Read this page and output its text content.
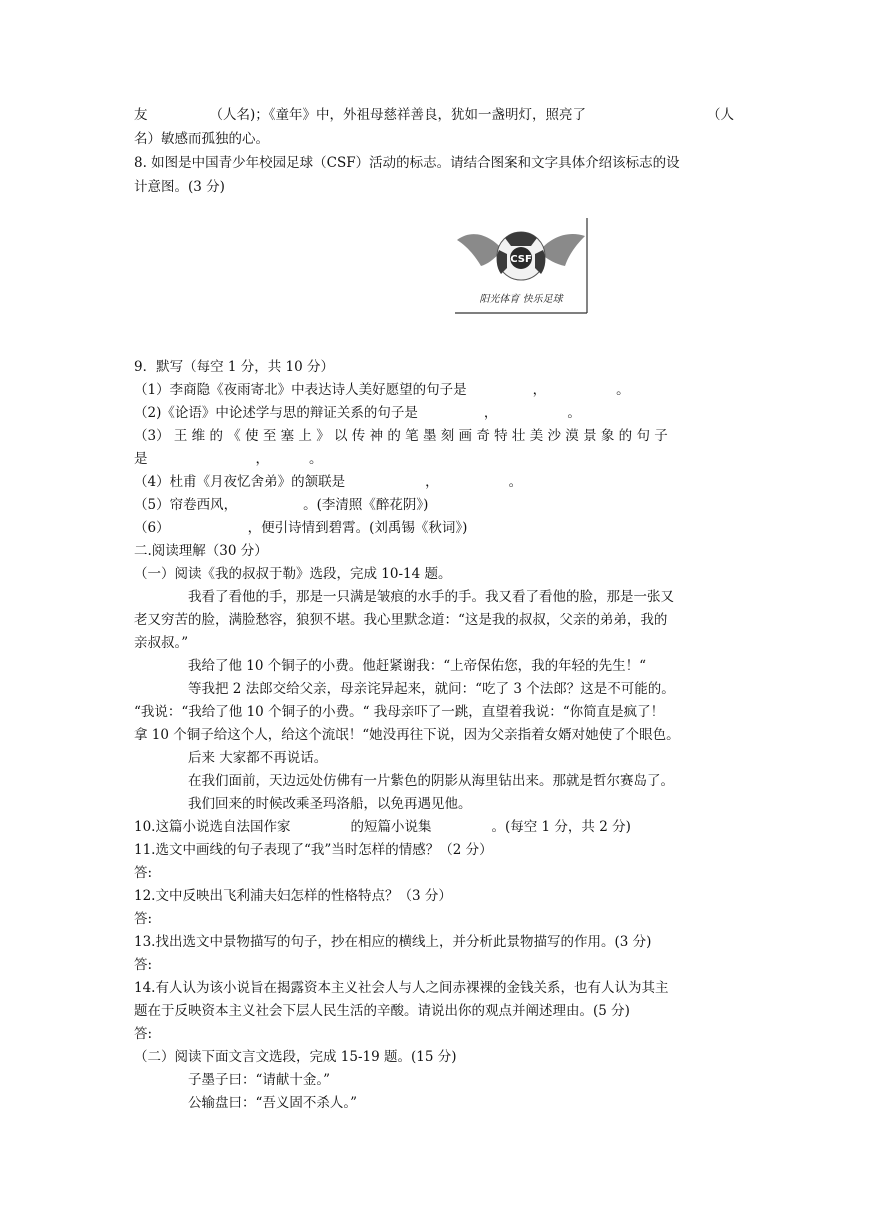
友	（人名)；《童年》中，外祖母慈祥善良，犹如一盏明灯，照亮了	（人
名）敏感而孤独的心。
8. 如图是中国青少年校园足球（CSF）活动的标志。请结合图案和文字具体介绍该标志的设
计意图。(3 分)
CSF
阳光体育 快乐足球
9．默写（每空 1 分，共 10 分）
（1）李商隐《夜雨寄北》中表达诗人美好愿望的句子是	，	。
（2)《论语》中论述学与思的辩证关系的句子是	，	。
（3） 王 维 的 《 使 至 塞 上 》 以 传 神 的 笔 墨 刻 画 奇 特 壮 美 沙 漠 景 象 的 句 子
是	，	。
（4）杜甫《月夜忆舍弟》的颔联是	，	。
（5）帘卷西风，	。(李清照《醉花阴》)
（6）	，便引诗情到碧霄。(刘禹锡《秋词》)
二.阅读理解（30 分）
（一）阅读《我的叔叔于勒》选段，完成 10-14 题。
我看了看他的手，那是一只满是皱痕的水手的手。我又看了看他的脸，那是一张又
老又穷苦的脸，满脸愁容，狼狈不堪。我心里默念道：“这是我的叔叔，父亲的弟弟，我的
亲叔叔。”
我给了他 10 个铜子的小费。他赶紧谢我：“上帝保佑您，我的年轻的先生！“
等我把 2 法郎交给父亲，母亲诧异起来，就问：“吃了 3 个法郎？这是不可能的。
“我说：“我给了他 10 个铜子的小费。“ 我母亲吓了一跳，直望着我说：“你简直是疯了！
拿 10 个铜子给这个人，给这个流氓！“她没再往下说，因为父亲指着女婿对她使了个眼色。
后来 大家都不再说话。
在我们面前，天边远处仿佛有一片紫色的阴影从海里钻出来。那就是哲尔赛岛了。
我们回来的时候改乘圣玛洛船，以免再遇见他。
10.这篇小说选自法国作家	的短篇小说集	。(每空 1 分，共 2 分)
11.选文中画线的句子表现了“我”当时怎样的情感？（2 分）
答:
12.文中反映出飞利浦夫妇怎样的性格特点？（3 分）
答:
13.找出选文中景物描写的句子，抄在相应的横线上，并分析此景物描写的作用。(3 分)
答:
14.有人认为该小说旨在揭露资本主义社会人与人之间赤裸裸的金钱关系，也有人认为其主
题在于反映资本主义社会下层人民生活的辛酸。请说出你的观点并阐述理由。(5 分)
答:
（二）阅读下面文言文选段，完成 15-19 题。(15 分)
子墨子曰：“请献十金。”
公输盘曰：“吾义固不杀人。”
